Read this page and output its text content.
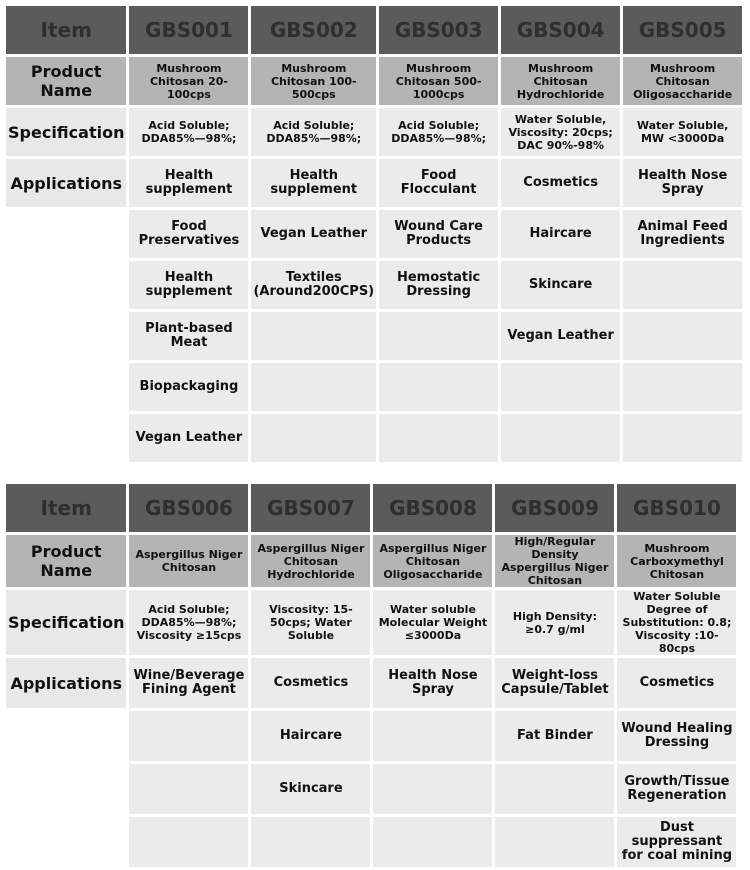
Item	GBS001	GBS002	GBS003	GBS004	GBS005
Product Name	Mushroom Chitosan 20-100cps	Mushroom Chitosan 100-500cps	Mushroom Chitosan 500-1000cps	Mushroom Chitosan Hydrochloride	Mushroom Chitosan Oligosaccharide
Specification	Acid Soluble; DDA85%—98%;	Acid Soluble; DDA85%—98%;	Acid Soluble; DDA85%—98%;	Water Soluble, Viscosity: 20cps; DAC 90%-98%	Water Soluble, MW <3000Da
Applications	Health supplement	Health supplement	Food Flocculant	Cosmetics	Health Nose Spray
	Food Preservatives	Vegan Leather	Wound Care Products	Haircare	Animal Feed Ingredients
	Health supplement	Textiles (Around200CPS)	Hemostatic Dressing	Skincare	
	Plant-based Meat			Vegan Leather	
	Biopackaging				
	Vegan Leather				
Item	GBS006	GBS007	GBS008	GBS009	GBS010
Product Name	Aspergillus Niger Chitosan	Aspergillus Niger Chitosan Hydrochloride	Aspergillus Niger Chitosan Oligosaccharide	High/Regular Density Aspergillus Niger Chitosan	Mushroom Carboxymethyl Chitosan
Specification	Acid Soluble; DDA85%—98%; Viscosity ≥15cps	Viscosity: 15-50cps; Water Soluble	Water soluble Molecular Weight ≤3000Da	High Density: ≥0.7 g/ml	Water Soluble Degree of Substitution: 0.8; Viscosity :10-80cps
Applications	Wine/Beverage Fining Agent	Cosmetics	Health Nose Spray	Weight-loss Capsule/Tablet	Cosmetics
		Haircare		Fat Binder	Wound Healing Dressing
		Skincare			Growth/Tissue Regeneration
					Dust suppressant for coal mining
